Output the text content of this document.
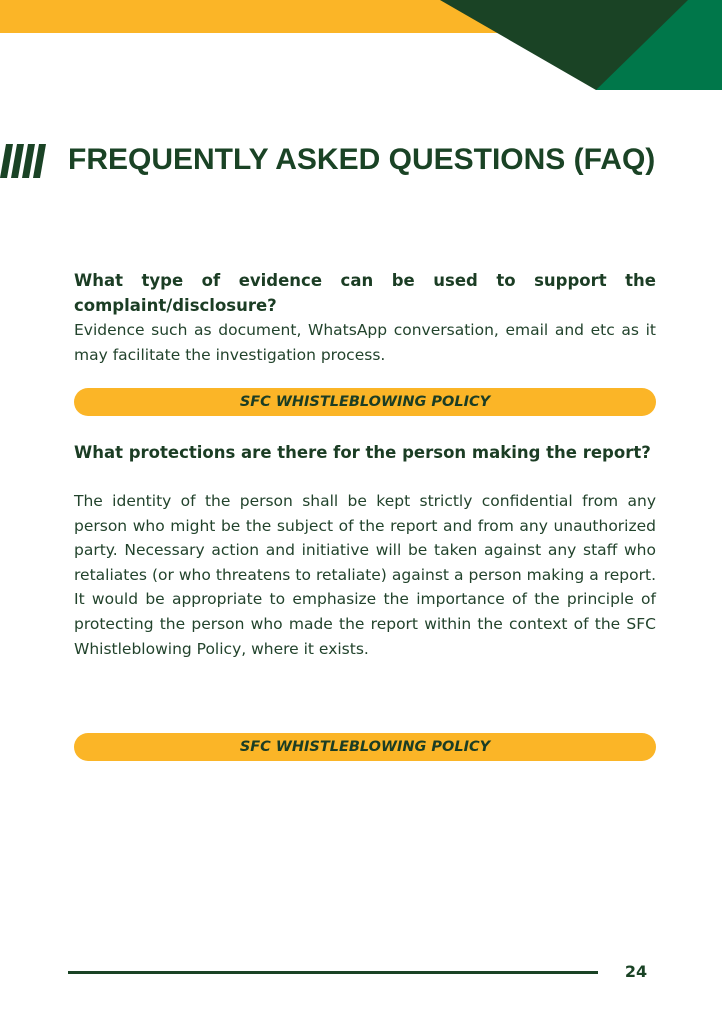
FREQUENTLY ASKED QUESTIONS (FAQ)

What type of evidence can be used to support the complaint/disclosure?

Evidence such as document, WhatsApp conversation, email and etc as it may facilitate the investigation process.

SFC WHISTLEBLOWING POLICY

What protections are there for the person making the report?

The identity of the person shall be kept strictly confidential from any person who might be the subject of the report and from any unauthorized party. Necessary action and initiative will be taken against any staff who retaliates (or who threatens to retaliate) against a person making a report. It would be appropriate to emphasize the importance of the principle of protecting the person who made the report within the context of the SFC Whistleblowing Policy, where it exists.

SFC WHISTLEBLOWING POLICY
24
